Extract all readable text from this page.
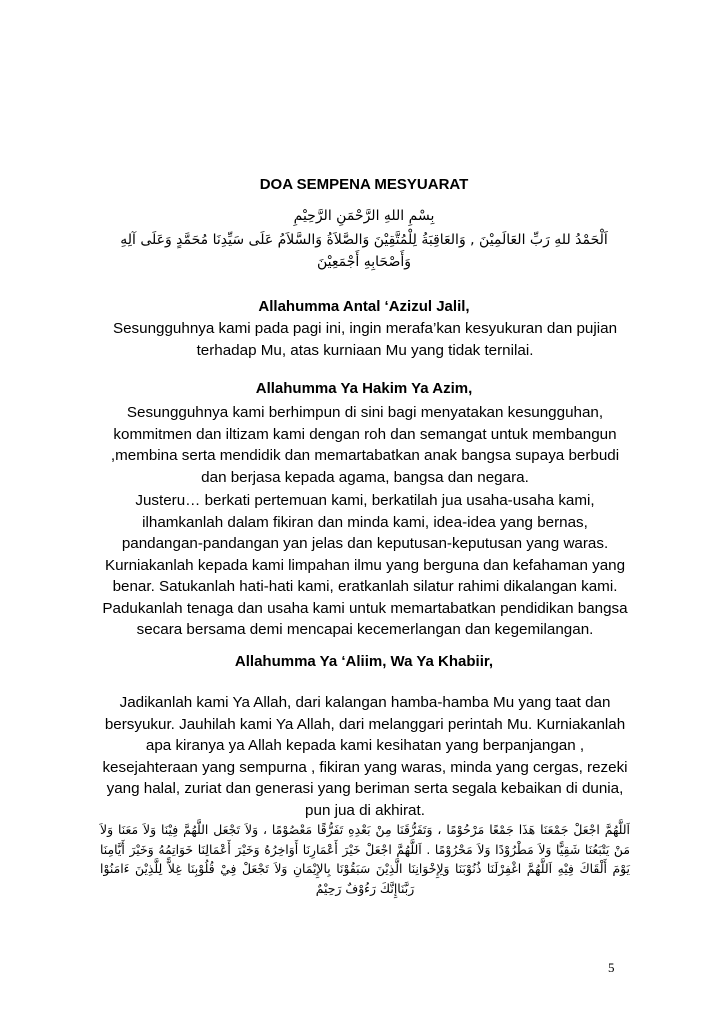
DOA SEMPENA MESYUARAT
بِسْمِ اللهِ الرَّحْمَنِ الرَّحِيْمِ
اَلْحَمْدُ للهِ رَبِّ العَالَمِيْنَ , وَالعَاقِبَةُ لِلْمُتَّقِيْنَ وَالصَّلاَةُ وَالسَّلاَمُ عَلَى سَيِّدِنَا مُحَمَّدٍ وَعَلَى آلِهِ وَأَصْحَابِهِ أَجْمَعِيْنَ
Allahumma Antal ‘Azizul Jalil,
Sesungguhnya kami pada pagi ini, ingin merafa’kan kesyukuran dan pujian terhadap Mu, atas kurniaan Mu yang tidak ternilai.
Allahumma Ya Hakim Ya Azim,
Sesungguhnya kami berhimpun di sini bagi menyatakan kesungguhan, kommitmen dan iltizam kami dengan roh dan semangat untuk membangun ,membina serta mendidik dan memartabatkan anak bangsa supaya berbudi dan berjasa kepada agama, bangsa dan negara.
Justeru… berkati pertemuan kami, berkatilah jua usaha-usaha kami, ilhamkanlah dalam fikiran dan minda kami, idea-idea yang bernas, pandangan-pandangan yan jelas dan keputusan-keputusan yang waras. Kurniakanlah kepada kami limpahan ilmu yang berguna dan kefahaman yang benar. Satukanlah hati-hati kami, eratkanlah silatur rahimi dikalangan kami. Padukanlah tenaga dan usaha kami untuk memartabatkan pendidikan bangsa secara bersama demi mencapai kecemerlangan dan kegemilangan.
Allahumma Ya ‘Aliim, Wa Ya Khabiir,
Jadikanlah kami Ya Allah, dari kalangan hamba-hamba Mu yang taat dan bersyukur. Jauhilah kami Ya Allah, dari melanggari perintah Mu. Kurniakanlah apa kiranya ya Allah kepada kami kesihatan yang berpanjangan , kesejahteraan yang sempurna , fikiran yang waras, minda yang cergas, rezeki yang halal, zuriat dan generasi yang beriman serta segala kebaikan di dunia, pun jua di akhirat.
اَللَّهُمَّ اجْعَلْ جَمْعَنَا هَذَا جَمْعًا مَرْحُوْمًا ، وَتَفَرُّقَنَا مِنْ بَعْدِهِ تَفَرُّقًا مَعْصُوْمًا ، وَلاَ تَجْعَل اللَّهُمَّ فِيْنَا وَلاَ مَعَنَا وَلاَ مَنْ يَتْبَعُنَا شَقِيًّا وَلاَ مَطْرُوْدًا وَلاَ مَحْرُوْمًا . اَللَّهُمَّ اجْعَلْ خَيْرَ أَعْمَارِنَا أَوَاخِرُهُ وَخَيْرَ أَعْمَالِنَا خَوَاتِمُهُ وَخَيْرَ أَيَّامِنَا يَوْمَ أَلْقَاكَ فِيْهِ اَللَّهُمَّ اغْفِرْلَنَا ذُنُوْبَنَا وَلِإِخْوَانِنَا الَّذِيْنَ سَبَقُوْنَا بِالإِيْمَانِ وَلاَ تَجْعَلْ فِيْ قُلُوْبِنَا غِلاًّ لِلَّذِيْنَ ءَامَنُوْا رَبَّنَاإِنَّكَ رَءُوْفٌ رَحِيْمٌ
5
